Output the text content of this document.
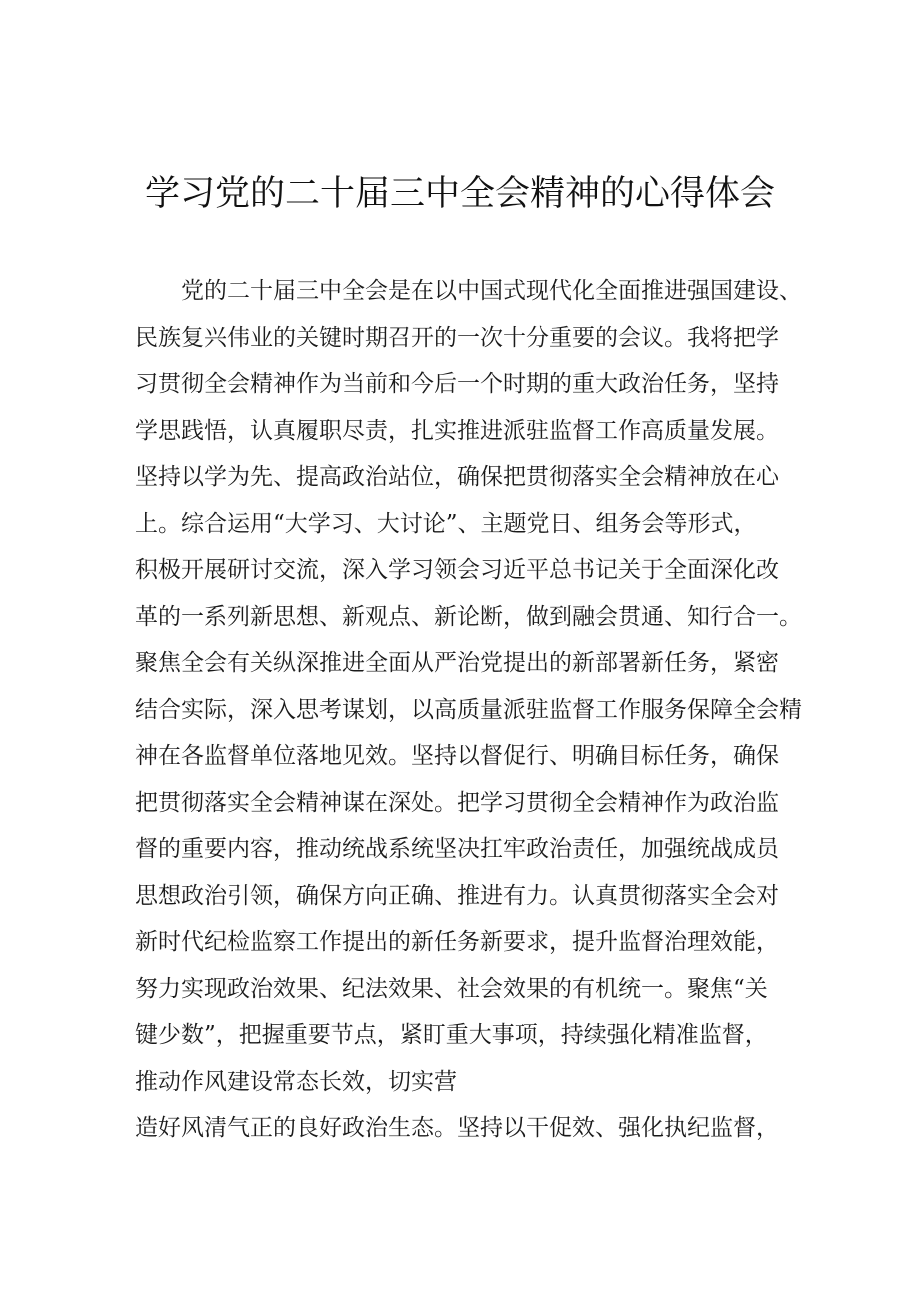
学习党的二十届三中全会精神的心得体会
党的二十届三中全会是在以中国式现代化全面推进强国建设、
民族复兴伟业的关键时期召开的一次十分重要的会议。我将把学
习贯彻全会精神作为当前和今后一个时期的重大政治任务，坚持
学思践悟，认真履职尽责，扎实推进派驻监督工作高质量发展。
坚持以学为先、提高政治站位，确保把贯彻落实全会精神放在心
上。综合运用“大学习、大讨论”、主题党日、组务会等形式，
积极开展研讨交流，深入学习领会习近平总书记关于全面深化改
革的一系列新思想、新观点、新论断，做到融会贯通、知行合一。
聚焦全会有关纵深推进全面从严治党提出的新部署新任务，紧密
结合实际，深入思考谋划，以高质量派驻监督工作服务保障全会精
神在各监督单位落地见效。坚持以督促行、明确目标任务，确保
把贯彻落实全会精神谋在深处。把学习贯彻全会精神作为政治监
督的重要内容，推动统战系统坚决扛牢政治责任，加强统战成员
思想政治引领，确保方向正确、推进有力。认真贯彻落实全会对
新时代纪检监察工作提出的新任务新要求，提升监督治理效能，
努力实现政治效果、纪法效果、社会效果的有机统一。聚焦“关
键少数”，把握重要节点，紧盯重大事项，持续强化精准监督，
推动作风建设常态长效，切实营
造好风清气正的良好政治生态。坚持以干促效、强化执纪监督，
